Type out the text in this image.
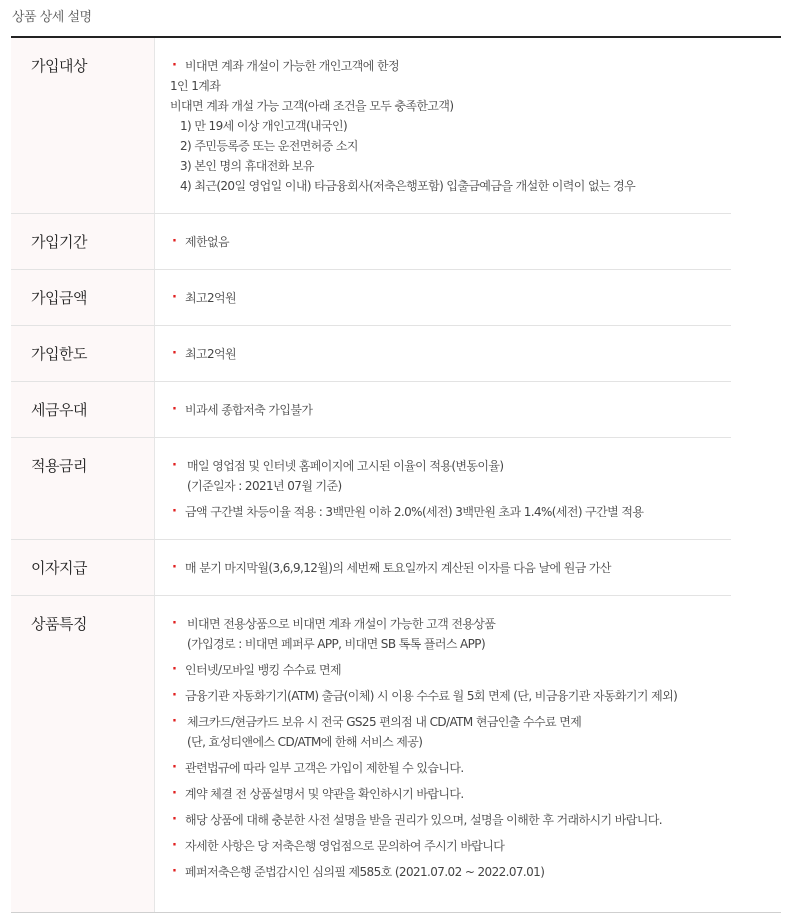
상품 상세 설명
가입대상	· 비대면 계좌 개설이 가능한 개인고객에 한정
1인 1계좌
비대면 계좌 개설 가능 고객(아래 조건을 모두 충족한고객)
1) 만 19세 이상 개인고객(내국인)
2) 주민등록증 또는 운전면허증 소지
3) 본인 명의 휴대전화 보유
4) 최근(20일 영업일 이내) 타금융회사(저축은행포함) 입출금예금을 개설한 이력이 없는 경우
가입기간	· 제한없음
가입금액	· 최고2억원
가입한도	· 최고2억원
세금우대	· 비과세 종합저축 가입불가
적용금리	· 매일 영업점 및 인터넷 홈페이지에 고시된 이율이 적용(변동이율)
(기준일자 : 2021년 07월 기준)
· 금액 구간별 차등이율 적용 : 3백만원 이하 2.0%(세전) 3백만원 초과 1.4%(세전) 구간별 적용
이자지급	· 매 분기 마지막월(3,6,9,12월)의 세번째 토요일까지 계산된 이자를 다음 날에 원금 가산
상품특징	· 비대면 전용상품으로 비대면 계좌 개설이 가능한 고객 전용상품
(가입경로 : 비대면 페퍼루 APP, 비대면 SB 톡톡 플러스 APP)
· 인터넷/모바일 뱅킹 수수료 면제
· 금융기관 자동화기기(ATM) 출금(이체) 시 이용 수수료 월 5회 면제 (단, 비금융기관 자동화기기 제외)
· 체크카드/현금카드 보유 시 전국 GS25 편의점 내 CD/ATM 현금인출 수수료 면제
(단, 효성티앤에스 CD/ATM에 한해 서비스 제공)
· 관련법규에 따라 일부 고객은 가입이 제한될 수 있습니다.
· 계약 체결 전 상품설명서 및 약관을 확인하시기 바랍니다.
· 해당 상품에 대해 충분한 사전 설명을 받을 권리가 있으며, 설명을 이해한 후 거래하시기 바랍니다.
· 자세한 사항은 당 저축은행 영업점으로 문의하여 주시기 바랍니다
· 페퍼저축은행 준법감시인 심의필 제585호 (2021.07.02 ~ 2022.07.01)
